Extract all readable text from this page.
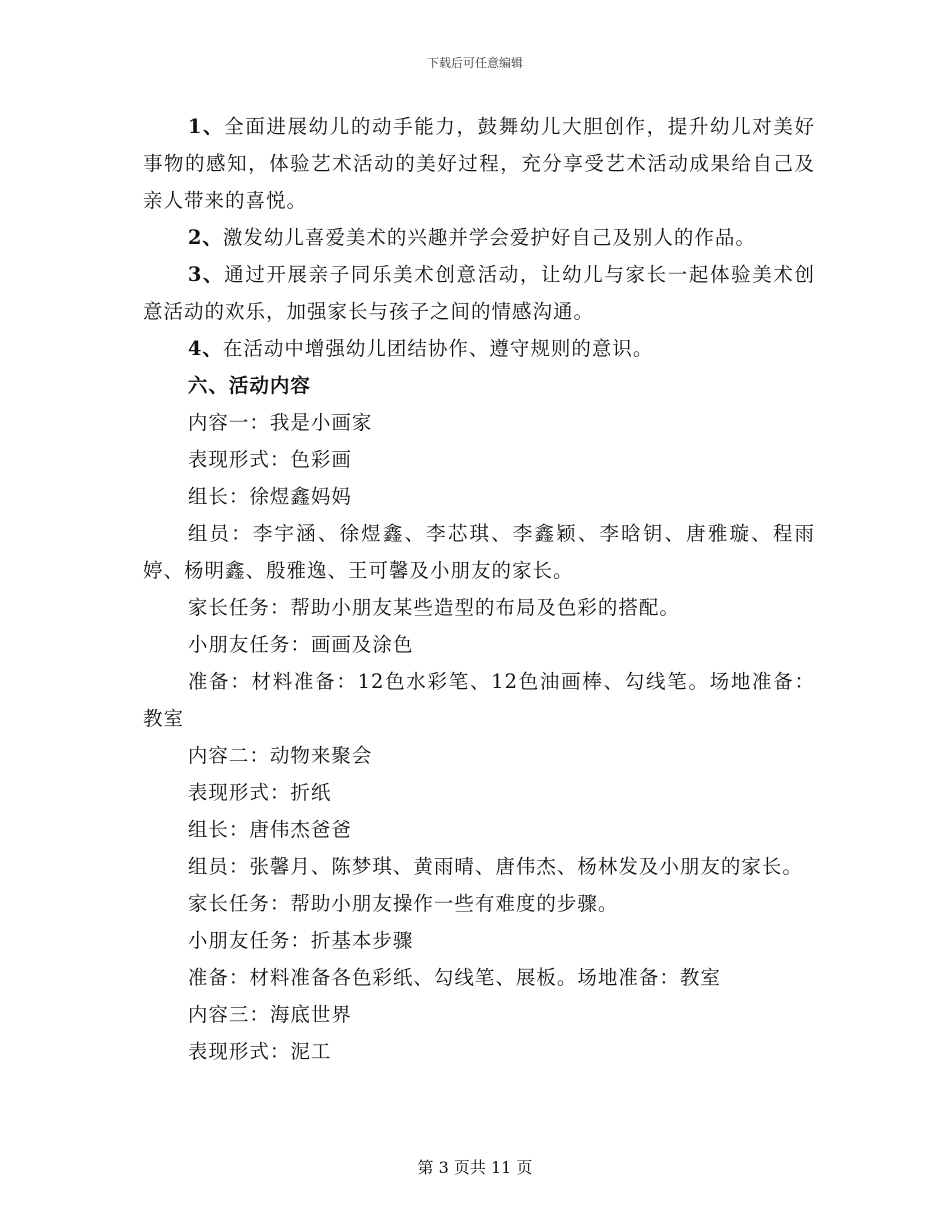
下载后可任意编辑

1、全面进展幼儿的动手能力，鼓舞幼儿大胆创作，提升幼儿对美好事物的感知，体验艺术活动的美好过程，充分享受艺术活动成果给自己及亲人带来的喜悦。

2、激发幼儿喜爱美术的兴趣并学会爱护好自己及别人的作品。

3、通过开展亲子同乐美术创意活动，让幼儿与家长一起体验美术创意活动的欢乐，加强家长与孩子之间的情感沟通。

4、在活动中增强幼儿团结协作、遵守规则的意识。

六、活动内容

内容一：我是小画家

表现形式：色彩画

组长：徐煜鑫妈妈

组员：李宇涵、徐煜鑫、李芯琪、李鑫颖、李晗钥、唐雅璇、程雨婷、杨明鑫、殷雅逸、王可馨及小朋友的家长。

家长任务：帮助小朋友某些造型的布局及色彩的搭配。

小朋友任务：画画及涂色

准备：材料准备：12色水彩笔、12色油画棒、勾线笔。场地准备：教室

内容二：动物来聚会

表现形式：折纸

组长：唐伟杰爸爸

组员：张馨月、陈梦琪、黄雨晴、唐伟杰、杨林发及小朋友的家长。

家长任务：帮助小朋友操作一些有难度的步骤。

小朋友任务：折基本步骤

准备：材料准备各色彩纸、勾线笔、展板。场地准备：教室

内容三：海底世界

表现形式：泥工

第 3 页共 11 页
